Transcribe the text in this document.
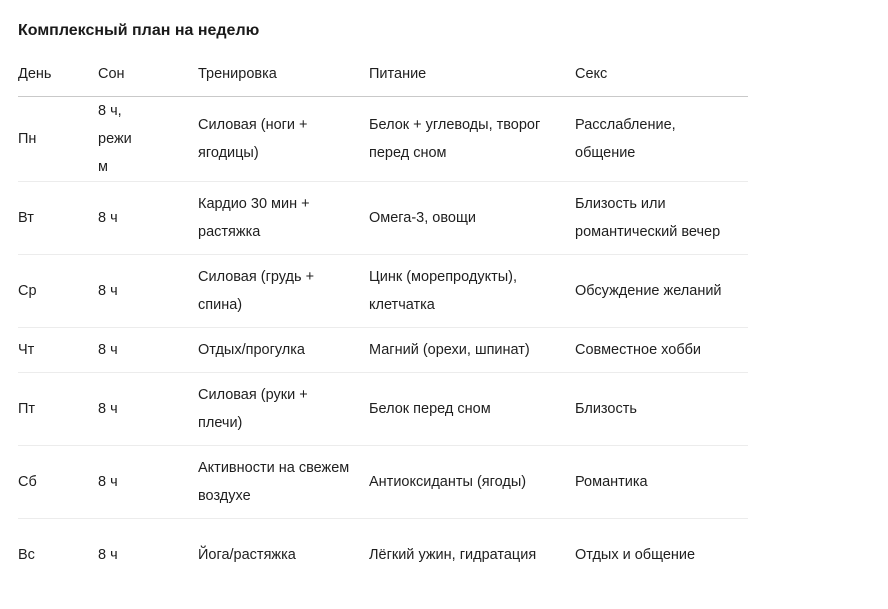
Комплексный план на неделю
День	Сон	Тренировка	Питание	Секс

Пн	8 ч, режим	Силовая (ноги + ягодицы)	Белок + углеводы, творог перед сном	Расслабление, общение

Вт	8 ч	Кардио 30 мин + растяжка	Омега-3, овощи	Близость или романтический вечер

Ср	8 ч	Силовая (грудь + спина)	Цинк (морепродукты), клетчатка	Обсуждение желаний

Чт	8 ч	Отдых/прогулка	Магний (орехи, шпинат)	Совместное хобби

Пт	8 ч	Силовая (руки + плечи)	Белок перед сном	Близость

Сб	8 ч	Активности на свежем воздухе	Антиоксиданты (ягоды)	Романтика

Вс	8 ч	Йога/растяжка	Лёгкий ужин, гидратация	Отдых и общение
